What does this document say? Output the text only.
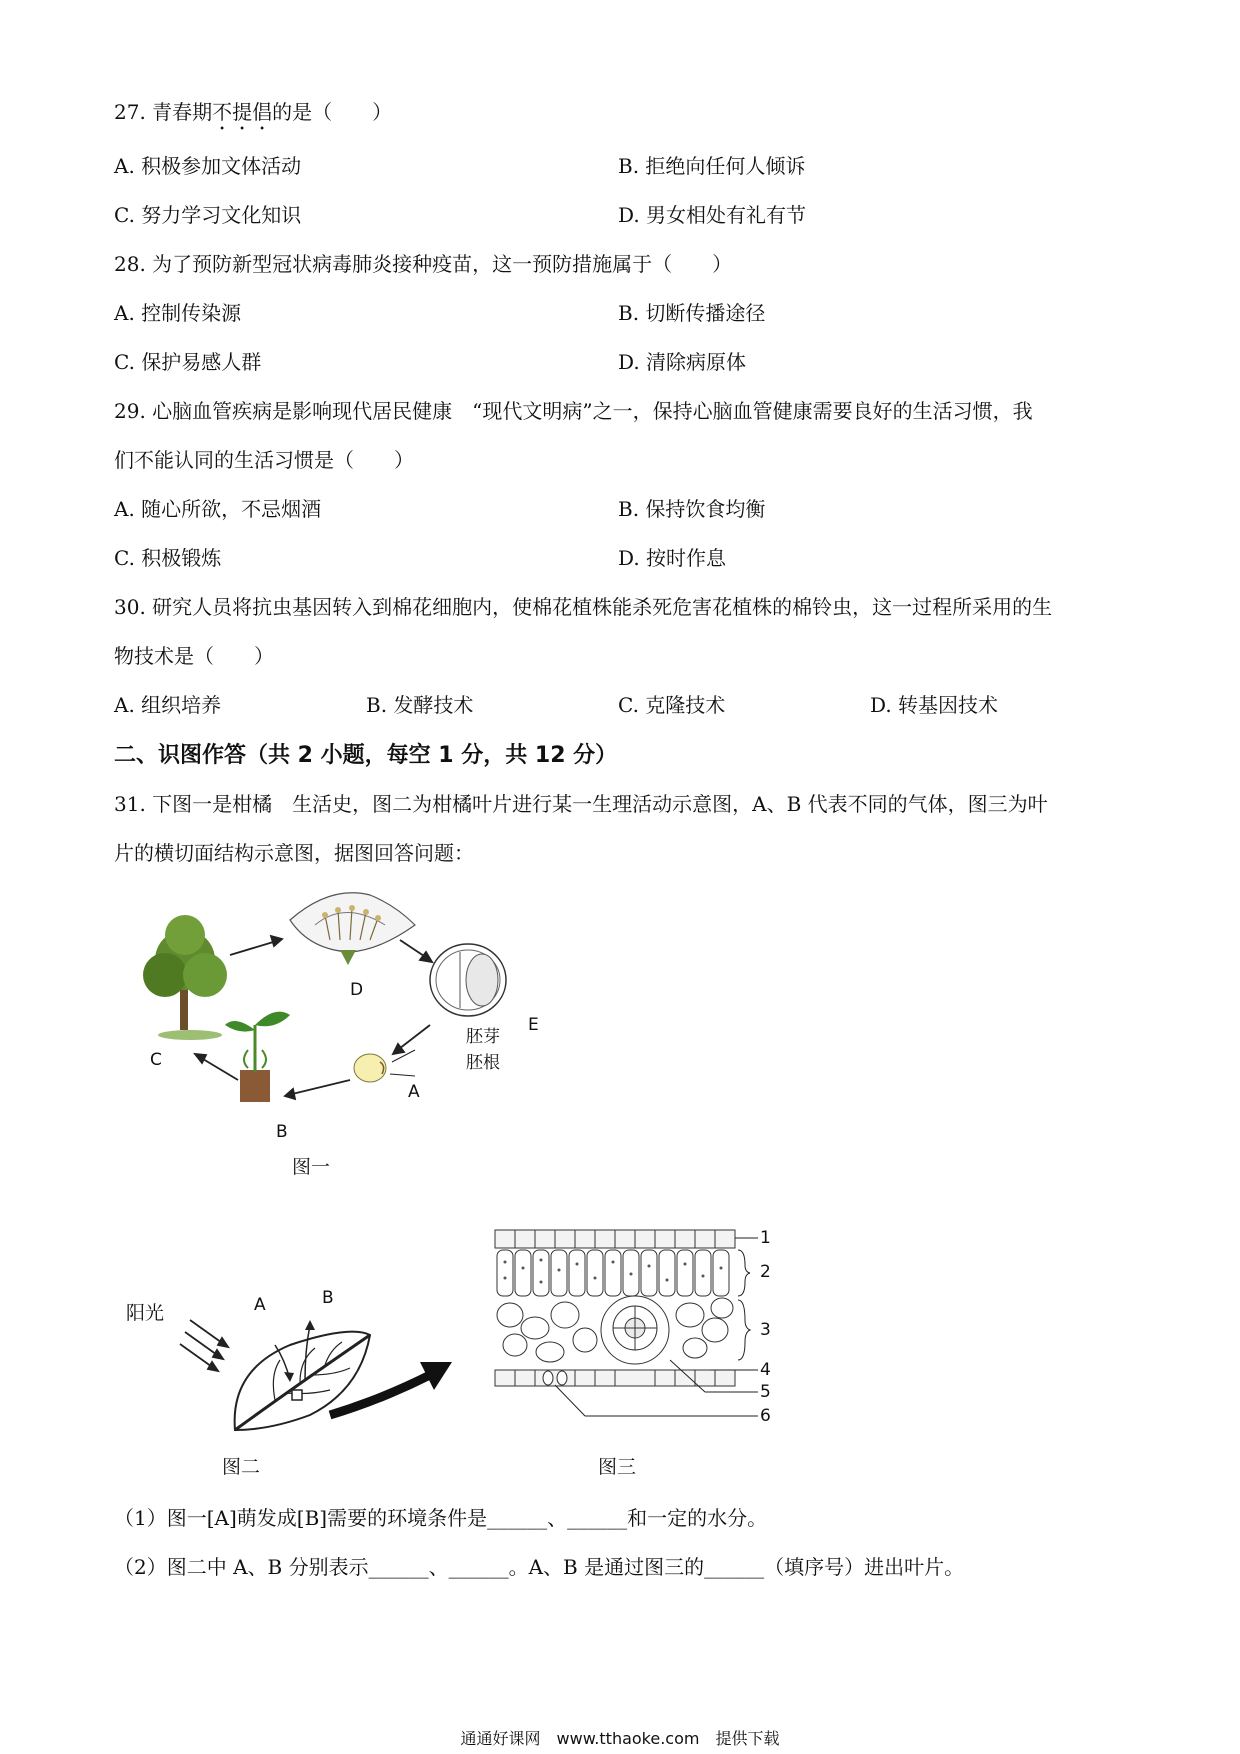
27. 青春期不提倡的是（　　）
A. 积极参加文体活动	B. 拒绝向任何人倾诉
C. 努力学习文化知识	D. 男女相处有礼有节
28. 为了预防新型冠状病毒肺炎接种疫苗，这一预防措施属于（　　）
A. 控制传染源	B. 切断传播途径
C. 保护易感人群	D. 清除病原体
29. 心脑血管疾病是影响现代居民健康　“现代文明病”之一，保持心脑血管健康需要良好的生活习惯，我
们不能认同的生活习惯是（　　）
A. 随心所欲，不忌烟酒	B. 保持饮食均衡
C. 积极锻炼	D. 按时作息
30. 研究人员将抗虫基因转入到棉花细胞内，使棉花植株能杀死危害花植株的棉铃虫，这一过程所采用的生
物技术是（　　）
A. 组织培养	B. 发酵技术	C. 克隆技术	D. 转基因技术
二、识图作答（共 2 小题，每空 1 分，共 12 分）
31. 下图一是柑橘　生活史，图二为柑橘叶片进行某一生理活动示意图，A、B 代表不同的气体，图三为叶
片的横切面结构示意图，据图回答问题：
C
D
E
胚芽
胚根
A
B
图一
阳光	A	B
图二
1
2
3
4
5
6
图三
（1）图一[A]萌发成[B]需要的环境条件是______、______和一定的水分。
（2）图二中 A、B 分别表示______、______。A、B 是通过图三的______（填序号）进出叶片。
通通好课网　www.tthaoke.com　提供下载
